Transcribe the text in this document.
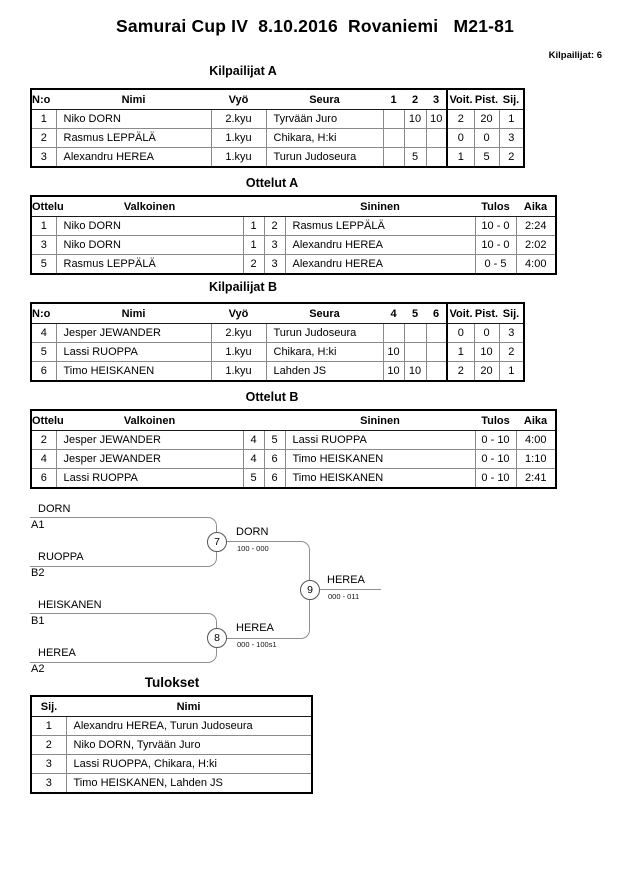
Samurai Cup IV  8.10.2016  Rovaniemi   M21-81
Kilpailijat: 6
Kilpailijat A
N:o	Nimi	Vyö	Seura	1	2	3	Voit.	Pist.	Sij.
1	Niko DORN	2.kyu	Tyrvään Juro		10	10	2	20	1
2	Rasmus LEPPÄLÄ	1.kyu	Chikara, H:ki				0	0	3
3	Alexandru HEREA	1.kyu	Turun Judoseura		5		1	5	2
Ottelut A
Ottelu	Valkoinen			Sininen	Tulos	Aika
1	Niko DORN	1	2	Rasmus LEPPÄLÄ	10 - 0	2:24
3	Niko DORN	1	3	Alexandru HEREA	10 - 0	2:02
5	Rasmus LEPPÄLÄ	2	3	Alexandru HEREA	0 - 5	4:00
Kilpailijat B
N:o	Nimi	Vyö	Seura	4	5	6	Voit.	Pist.	Sij.
4	Jesper JEWANDER	2.kyu	Turun Judoseura				0	0	3
5	Lassi RUOPPA	1.kyu	Chikara, H:ki	10			1	10	2
6	Timo HEISKANEN	1.kyu	Lahden JS	10	10		2	20	1
Ottelut B
Ottelu	Valkoinen			Sininen	Tulos	Aika
2	Jesper JEWANDER	4	5	Lassi RUOPPA	0 - 10	4:00
4	Jesper JEWANDER	4	6	Timo HEISKANEN	0 - 10	1:10
6	Lassi RUOPPA	5	6	Timo HEISKANEN	0 - 10	2:41
DORN
A1
RUOPPA
B2
HEISKANEN
B1
HEREA
A2
7
8
9
DORN
100 - 000
HEREA
000 - 100s1
HEREA
000 - 011
Tulokset
Sij.	Nimi
1	Alexandru HEREA, Turun Judoseura
2	Niko DORN, Tyrvään Juro
3	Lassi RUOPPA, Chikara, H:ki
3	Timo HEISKANEN, Lahden JS
